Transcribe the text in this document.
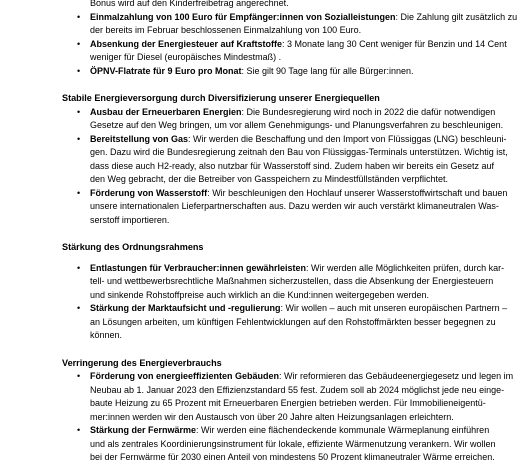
Bonus wird auf den Kinderfreibetrag angerechnet.
• Einmalzahlung von 100 Euro für Empfänger:innen von Sozialleistungen: Die Zahlung gilt zusätzlich zu
der bereits im Februar beschlossenen Einmalzahlung von 100 Euro.
• Absenkung der Energiesteuer auf Kraftstoffe: 3 Monate lang 30 Cent weniger für Benzin und 14 Cent
weniger für Diesel (europäisches Mindestmaß) .
• ÖPNV-Flatrate für 9 Euro pro Monat: Sie gilt 90 Tage lang für alle Bürger:innen.
Stabile Energieversorgung durch Diversifizierung unserer Energiequellen
• Ausbau der Erneuerbaren Energien: Die Bundesregierung wird noch in 2022 die dafür notwendigen
Gesetze auf den Weg bringen, um vor allem Genehmigungs- und Planungsverfahren zu beschleunigen.
• Bereitstellung von Gas: Wir werden die Beschaffung und den Import von Flüssiggas (LNG) beschleuni-
gen. Dazu wird die Bundesregierung zeitnah den Bau von Flüssiggas-Terminals unterstützen. Wichtig ist,
dass diese auch H2-ready, also nutzbar für Wasserstoff sind. Zudem haben wir bereits ein Gesetz auf
den Weg gebracht, der die Betreiber von Gasspeichern zu Mindestfüllständen verpflichtet.
• Förderung von Wasserstoff: Wir beschleunigen den Hochlauf unserer Wasserstoffwirtschaft und bauen
unsere internationalen Lieferpartnerschaften aus. Dazu werden wir auch verstärkt klimaneutralen Was-
serstoff importieren.
Stärkung des Ordnungsrahmens
• Entlastungen für Verbraucher:innen gewährleisten: Wir werden alle Möglichkeiten prüfen, durch kar-
tell- und wettbewerbsrechtliche Maßnahmen sicherzustellen, dass die Absenkung der Energiesteuern
und sinkende Rohstoffpreise auch wirklich an die Kund:innen weitergegeben werden.
• Stärkung der Marktaufsicht und -regulierung: Wir wollen – auch mit unseren europäischen Partnern –
an Lösungen arbeiten, um künftigen Fehlentwicklungen auf den Rohstoffmärkten besser begegnen zu
können.
Verringerung des Energieverbrauchs
• Förderung von energieeffizienten Gebäuden: Wir reformieren das Gebäudeenergiegesetz und legen im
Neubau ab 1. Januar 2023 den Effizienzstandard 55 fest. Zudem soll ab 2024 möglichst jede neu einge-
baute Heizung zu 65 Prozent mit Erneuerbaren Energien betrieben werden. Für Immobilieneigentü-
mer:innen werden wir den Austausch von über 20 Jahre alten Heizungsanlagen erleichtern.
• Stärkung der Fernwärme: Wir werden eine flächendeckende kommunale Wärmeplanung einführen
und als zentrales Koordinierungsinstrument für lokale, effiziente Wärmenutzung verankern. Wir wollen
bei der Fernwärme für 2030 einen Anteil von mindestens 50 Prozent klimaneutraler Wärme erreichen.
